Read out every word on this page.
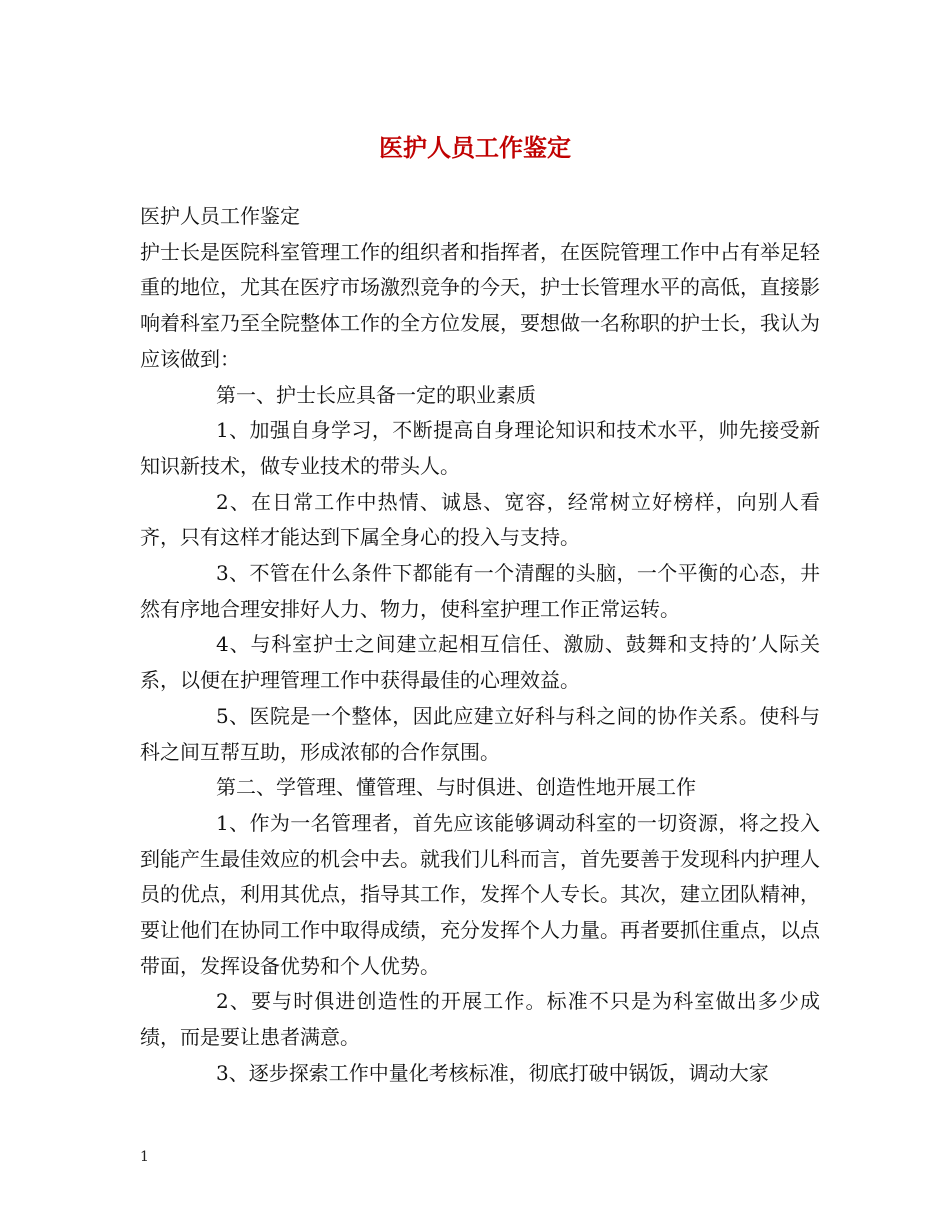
医护人员工作鉴定

医护人员工作鉴定

护士长是医院科室管理工作的组织者和指挥者，在医院管理工作中占有举足轻重的地位，尤其在医疗市场激烈竞争的今天，护士长管理水平的高低，直接影响着科室乃至全院整体工作的全方位发展，要想做一名称职的护士长，我认为应该做到：

第一、护士长应具备一定的职业素质

1、加强自身学习，不断提高自身理论知识和技术水平，帅先接受新知识新技术，做专业技术的带头人。

2、在日常工作中热情、诚恳、宽容，经常树立好榜样，向别人看齐，只有这样才能达到下属全身心的投入与支持。

3、不管在什么条件下都能有一个清醒的头脑，一个平衡的心态，井然有序地合理安排好人力、物力，使科室护理工作正常运转。

4、与科室护士之间建立起相互信任、激励、鼓舞和支持的’人际关系，以便在护理管理工作中获得最佳的心理效益。

5、医院是一个整体，因此应建立好科与科之间的协作关系。使科与科之间互帮互助，形成浓郁的合作氛围。

第二、学管理、懂管理、与时俱进、创造性地开展工作

1、作为一名管理者，首先应该能够调动科室的一切资源，将之投入到能产生最佳效应的机会中去。就我们儿科而言，首先要善于发现科内护理人员的优点，利用其优点，指导其工作，发挥个人专长。其次，建立团队精神，要让他们在协同工作中取得成绩，充分发挥个人力量。再者要抓住重点，以点带面，发挥设备优势和个人优势。

2、要与时俱进创造性的开展工作。标准不只是为科室做出多少成绩，而是要让患者满意。

3、逐步探索工作中量化考核标准，彻底打破中锅饭，调动大家

1
